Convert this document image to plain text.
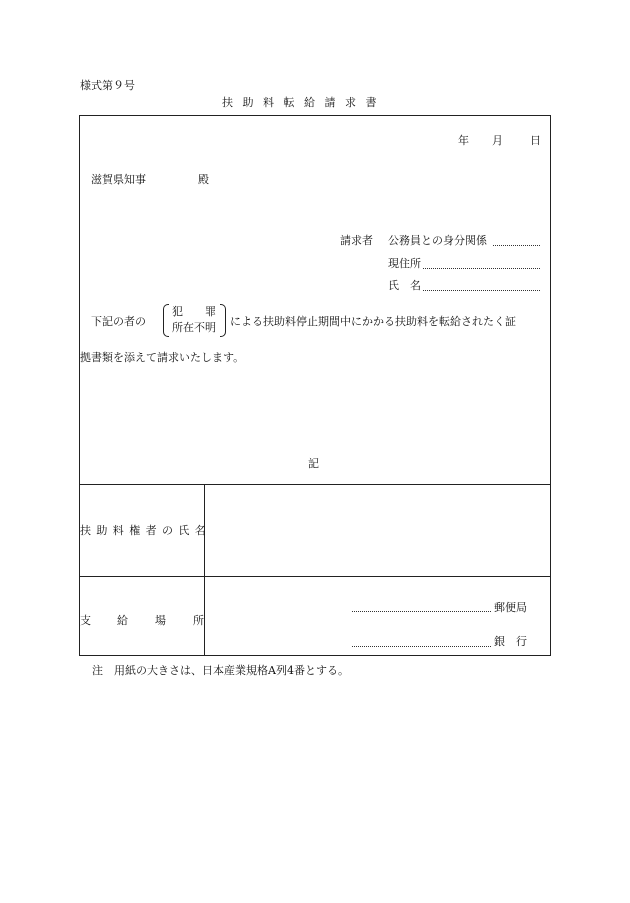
様式第９号
扶助料転給請求書
年 月 日
滋賀県知事	殿
請求者 公務員との身分関係
現住所
氏　名
下記の者の
犯　　罪
所在不明 による扶助料停止期間中にかかる扶助料を転給されたく証
拠書類を添えて請求いたします。
記
扶助料権者の氏名
支 給 場 所
郵便局
銀　行
注　用紙の大きさは、日本産業規格A列4番とする。
